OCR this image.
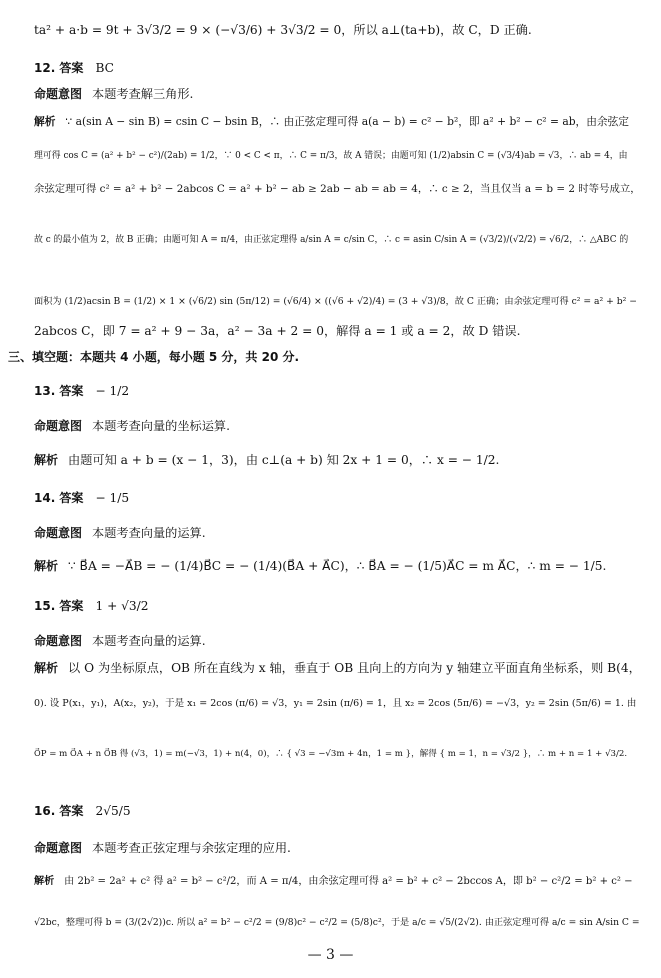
ta² + a·b = 9t + 3√3/2 = 9 × (−√3/6) + 3√3/2 = 0，所以 a⊥(ta+b)，故 C，D 正确.
12. 答案 BC
命题意图 本题考查解三角形.
解析 ∵ a(sin A − sin B) = csin C − bsin B，∴ 由正弦定理可得 a(a − b) = c² − b²，即 a² + b² − c² = ab，由余弦定
理可得 cos C = (a² + b² − c²)/(2ab) = 1/2，∵ 0 < C < π，∴ C = π/3，故 A 错误；由题可知 (1/2)absin C = (√3/4)ab = √3，∴ ab = 4，由
余弦定理可得 c² = a² + b² − 2abcos C = a² + b² − ab ≥ 2ab − ab = ab = 4，∴ c ≥ 2，当且仅当 a = b = 2 时等号成立，
故 c 的最小值为 2，故 B 正确；由题可知 A = π/4，由正弦定理得 a/sin A = c/sin C，∴ c = asin C/sin A = (√3/2)/(√2/2) = √6/2，∴ △ABC 的
面积为 (1/2)acsin B = (1/2) × 1 × (√6/2) sin (5π/12) = (√6/4) × ((√6 + √2)/4) = (3 + √3)/8，故 C 正确；由余弦定理可得 c² = a² + b² −
2abcos C，即 7 = a² + 9 − 3a，a² − 3a + 2 = 0，解得 a = 1 或 a = 2，故 D 错误.
三、填空题：本题共 4 小题，每小题 5 分，共 20 分.
13. 答案 − 1/2
命题意图 本题考查向量的坐标运算.
解析 由题可知 a + b = (x − 1，3)，由 c⊥(a + b) 知 2x + 1 = 0，∴ x = − 1/2.
14. 答案 − 1/5
命题意图 本题考查向量的运算.
解析 ∵ B⃗A = −A⃗B = − (1/4)B⃗C = − (1/4)(B⃗A + A⃗C)，∴ B⃗A = − (1/5)A⃗C = m A⃗C，∴ m = − 1/5.
15. 答案 1 + √3/2
命题意图 本题考查向量的运算.
解析 以 O 为坐标原点，OB 所在直线为 x 轴，垂直于 OB 且向上的方向为 y 轴建立平面直角坐标系，则 B(4，
0). 设 P(x₁，y₁)，A(x₂，y₂)，于是 x₁ = 2cos (π/6) = √3，y₁ = 2sin (π/6) = 1，且 x₂ = 2cos (5π/6) = −√3，y₂ = 2sin (5π/6) = 1. 由
O⃗P = m O⃗A + n O⃗B 得 (√3，1) = m(−√3，1) + n(4，0)，∴ { √3 = −√3m + 4n，1 = m }，解得 { m = 1，n = √3/2 }，∴ m + n = 1 + √3/2.
16. 答案 2√5/5
命题意图 本题考查正弦定理与余弦定理的应用.
解析 由 2b² = 2a² + c² 得 a² = b² − c²/2，而 A = π/4，由余弦定理可得 a² = b² + c² − 2bccos A，即 b² − c²/2 = b² + c² −
√2bc，整理可得 b = (3/(2√2))c. 所以 a² = b² − c²/2 = (9/8)c² − c²/2 = (5/8)c²，于是 a/c = √5/(2√2). 由正弦定理可得 a/c = sin A/sin C =
— 3 —
